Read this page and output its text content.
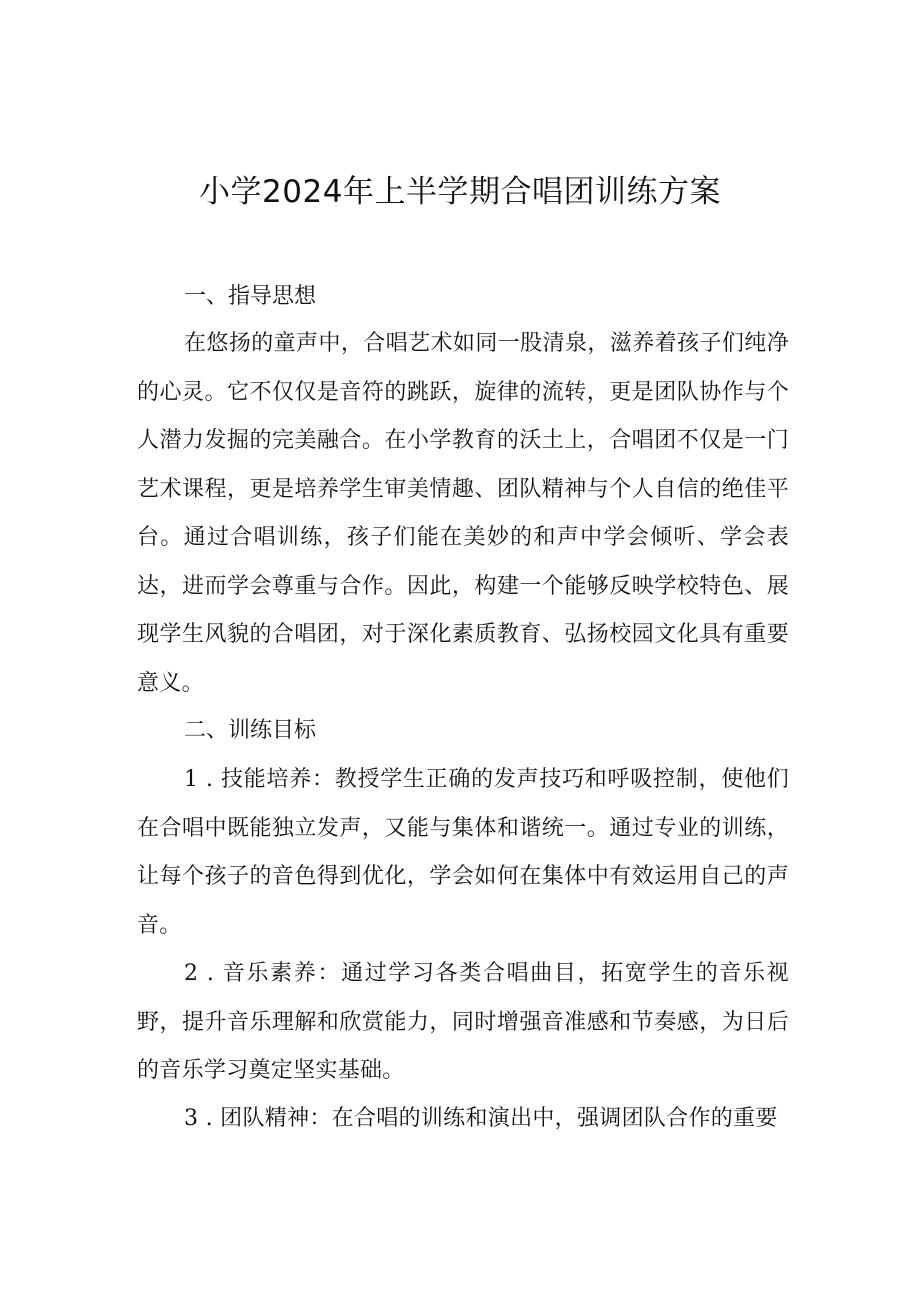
小学2024年上半学期合唱团训练方案
一、指导思想

在悠扬的童声中，合唱艺术如同一股清泉，滋养着孩子们纯净的心灵。它不仅仅是音符的跳跃，旋律的流转，更是团队协作与个人潜力发掘的完美融合。在小学教育的沃土上，合唱团不仅是一门艺术课程，更是培养学生审美情趣、团队精神与个人自信的绝佳平台。通过合唱训练，孩子们能在美妙的和声中学会倾听、学会表达，进而学会尊重与合作。因此，构建一个能够反映学校特色、展现学生风貌的合唱团，对于深化素质教育、弘扬校园文化具有重要意义。

二、训练目标

1 . 技能培养：教授学生正确的发声技巧和呼吸控制，使他们在合唱中既能独立发声，又能与集体和谐统一。通过专业的训练，让每个孩子的音色得到优化，学会如何在集体中有效运用自己的声音。

2 . 音乐素养：通过学习各类合唱曲目，拓宽学生的音乐视野，提升音乐理解和欣赏能力，同时增强音准感和节奏感，为日后的音乐学习奠定坚实基础。

3 . 团队精神：在合唱的训练和演出中，强调团队合作的重要
